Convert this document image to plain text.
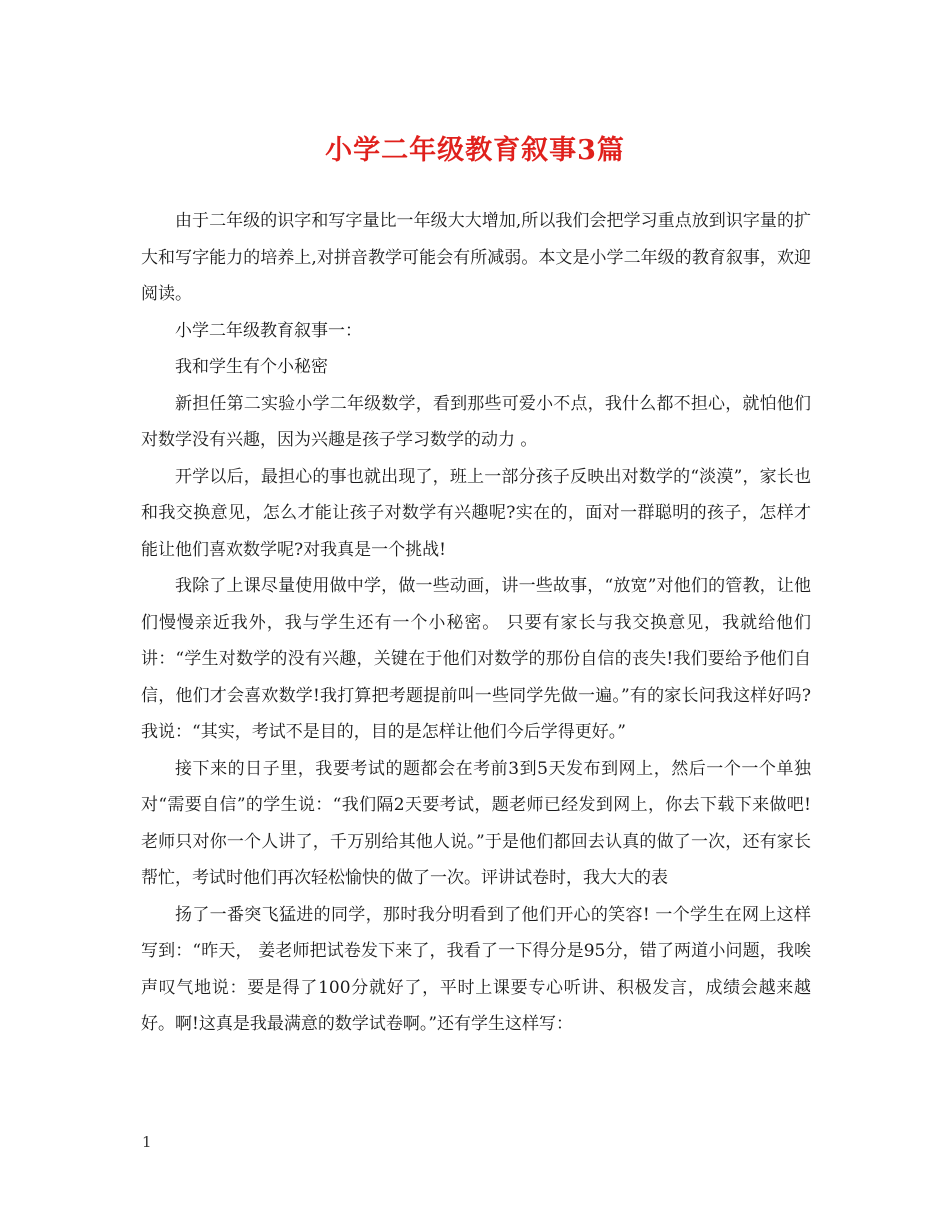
小学二年级教育叙事3篇

由于二年级的识字和写字量比一年级大大增加,所以我们会把学习重点放到识字量的扩大和写字能力的培养上,对拼音教学可能会有所减弱。本文是小学二年级的教育叙事，欢迎阅读。

小学二年级教育叙事一：

我和学生有个小秘密

新担任第二实验小学二年级数学，看到那些可爱小不点，我什么都不担心，就怕他们对数学没有兴趣，因为兴趣是孩子学习数学的动力 。

开学以后，最担心的事也就出现了，班上一部分孩子反映出对数学的“淡漠”，家长也和我交换意见，怎么才能让孩子对数学有兴趣呢?实在的，面对一群聪明的孩子，怎样才能让他们喜欢数学呢?对我真是一个挑战!

我除了上课尽量使用做中学，做一些动画，讲一些故事，“放宽”对他们的管教，让他们慢慢亲近我外，我与学生还有一个小秘密。 只要有家长与我交换意见，我就给他们讲：“学生对数学的没有兴趣，关键在于他们对数学的那份自信的丧失!我们要给予他们自信，他们才会喜欢数学!我打算把考题提前叫一些同学先做一遍。”有的家长问我这样好吗?我说：“其实，考试不是目的，目的是怎样让他们今后学得更好。”

接下来的日子里，我要考试的题都会在考前3到5天发布到网上，然后一个一个单独对“需要自信”的学生说：“我们隔2天要考试，题老师已经发到网上，你去下载下来做吧!老师只对你一个人讲了，千万别给其他人说。”于是他们都回去认真的做了一次，还有家长帮忙，考试时他们再次轻松愉快的做了一次。评讲试卷时，我大大的表

扬了一番突飞猛进的同学，那时我分明看到了他们开心的笑容! 一个学生在网上这样写到：“昨天， 姜老师把试卷发下来了，我看了一下得分是95分，错了两道小问题，我唉声叹气地说：要是得了100分就好了，平时上课要专心听讲、积极发言，成绩会越来越好。啊!这真是我最满意的数学试卷啊。”还有学生这样写：

1
